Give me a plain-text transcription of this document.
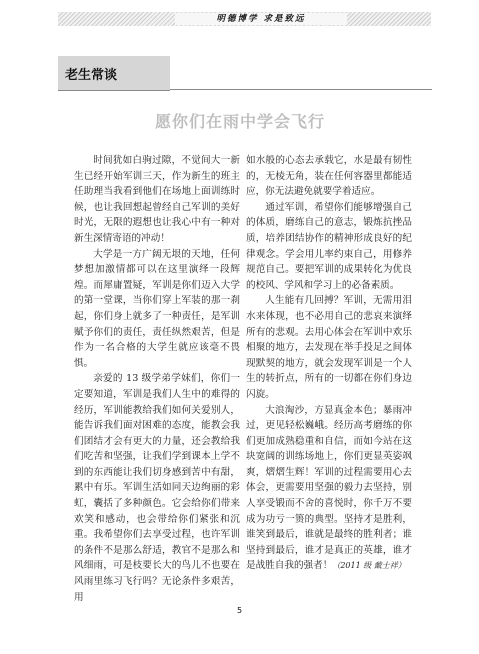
明德博学 求是致远
老生常谈
愿你们在雨中学会飞行

时间犹如白驹过隙，不觉间大一新生已经开始军训三天，作为新生的班主任助理当我看到他们在场地上面训练时候，也让我回想起曾经自己军训的美好时光，无限的遐想也让我心中有一种对新生深情寄语的冲动！

大学是一方广阔无垠的天地，任何梦想加激情都可以在这里演绎一段辉煌。而犀庸置疑，军训是你们迈入大学的第一堂课，当你们穿上军装的那一刹起，你们身上就多了一种责任，是军训赋予你们的责任，责任纵然艰苦，但是作为一名合格的大学生就应该毫不畏惧。

亲爱的 13 级学弟学妹们，你们一定要知道，军训是我们人生中的难得的经历，军训能教给我们如何关爱别人，能告诉我们面对困难的态度，能教会我们团结才会有更大的力量，还会教给我们吃苦和坚强，让我们学到课本上学不到的东西能让我们切身感到苦中有甜，累中有乐。军训生活如同天边绚丽的彩虹，囊括了多种颜色。它会给你们带来欢笑和感动，也会带给你们紧张和沉重。我希望你们去享受过程，也许军训的条件不是那么舒适，教官不是那么和风细雨，可是枝要长大的鸟儿不也要在风雨里练习飞行吗？无论条件多艰苦，用

如水般的心态去承载它，水是最有韧性的，无棱无角，装在任何容器里都能适应，你无法避免就要学着适应。

通过军训，希望你们能够增强自己的体质，磨练自己的意志，锻炼抗挫品质，培养团结协作的精神形成良好的纪律观念。学会用儿率约束自己，用修养规范自己。要把军训的成果转化为优良的校风、学风和学习上的必备素质。

人生能有几回搏？军训，无需用泪水来体现，也不必用自己的悲哀来演绎所有的悲观。去用心体会在军训中欢乐相聚的地方，去发现在举手投足之间体现默契的地方，就会发现军训是一个人生的转折点，所有的一切都在你们身边闪旋。

大浪淘沙，方显真金本色；暴雨冲过，更见轻松巍峨。经历高考磨练的你们更加成熟稳重和自信，而如今站在这块宽阔的训练场地上，你们更显英姿飒爽，熠熠生辉！军训的过程需要用心去体会，更需要用坚强的毅力去坚持，别人享受锻而不舍的喜悦时，你千万不要成为功亏一篑的典型。坚持才是胜利，谁笑到最后，谁就是最终的胜利者；谁坚持到最后，谁才是真正的英雄，谁才是战胜自我的强者！（2011 级 戴士祥）

5
